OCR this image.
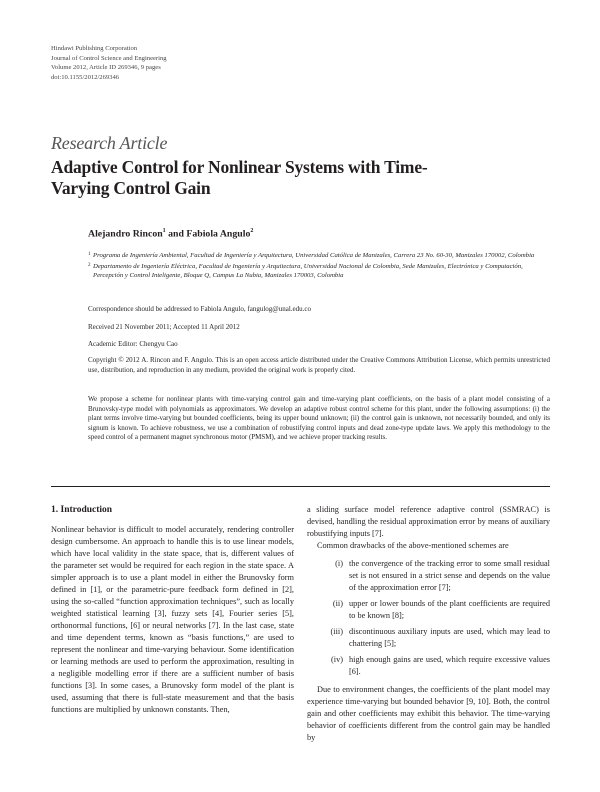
Hindawi Publishing Corporation
Journal of Control Science and Engineering
Volume 2012, Article ID 269346, 9 pages
doi:10.1155/2012/269346
Research Article
Adaptive Control for Nonlinear Systems with Time-Varying Control Gain
Alejandro Rincon$^1$ and Fabiola Angulo$^2$
1 Programa de Ingeniería Ambiental, Facultad de Ingeniería y Arquitectura, Universidad Católica de Manizales, Carrera 23 No. 60-30, Manizales 170002, Colombia
2 Departamento de Ingeniería Eléctrica, Facultad de Ingeniería y Arquitectura, Universidad Nacional de Colombia, Sede Manizales, Electrónica y Computación, Percepción y Control Inteligente, Bloque Q, Campus La Nubia, Manizales 170003, Colombia
Correspondence should be addressed to Fabiola Angulo, fangulog@unal.edu.co
Received 21 November 2011; Accepted 11 April 2012
Academic Editor: Chengyu Cao
Copyright © 2012 A. Rincon and F. Angulo. This is an open access article distributed under the Creative Commons Attribution License, which permits unrestricted use, distribution, and reproduction in any medium, provided the original work is properly cited.
We propose a scheme for nonlinear plants with time-varying control gain and time-varying plant coefficients, on the basis of a plant model consisting of a Brunovsky-type model with polynomials as approximators. We develop an adaptive robust control scheme for this plant, under the following assumptions: (i) the plant terms involve time-varying but bounded coefficients, being its upper bound unknown; (ii) the control gain is unknown, not necessarily bounded, and only its signum is known. To achieve robustness, we use a combination of robustifying control inputs and dead zone-type update laws. We apply this methodology to the speed control of a permanent magnet synchronous motor (PMSM), and we achieve proper tracking results.
1. Introduction

Nonlinear behavior is difficult to model accurately, rendering controller design cumbersome. An approach to handle this is to use linear models, which have local validity in the state space, that is, different values of the parameter set would be required for each region in the state space. A simpler approach is to use a plant model in either the Brunovsky form defined in [1], or the parametric-pure feedback form defined in [2], using the so-called “function approximation techniques”, such as locally weighted statistical learning [3], fuzzy sets [4], Fourier series [5], orthonormal functions, [6] or neural networks [7]. In the last case, state and time dependent terms, known as “basis functions,” are used to represent the nonlinear and time-varying behaviour. Some identification or learning methods are used to perform the approximation, resulting in a negligible modelling error if there are a sufficient number of basis functions [3]. In some cases, a Brunovsky form model of the plant is used, assuming that there is full-state measurement and that the basis functions are multiplied by unknown constants. Then,

a sliding surface model reference adaptive control (SSMRAC) is devised, handling the residual approximation error by means of auxiliary robustifying inputs [7].

Common drawbacks of the above-mentioned schemes are

(i) the convergence of the tracking error to some small residual set is not ensured in a strict sense and depends on the value of the approximation error [7];
(ii) upper or lower bounds of the plant coefficients are required to be known [8];
(iii) discontinuous auxiliary inputs are used, which may lead to chattering [5];
(iv) high enough gains are used, which require excessive values [6].

Due to environment changes, the coefficients of the plant model may experience time-varying but bounded behavior [9, 10]. Both, the control gain and other coefficients may exhibit this behavior. The time-varying behavior of coefficients different from the control gain may be handled by
